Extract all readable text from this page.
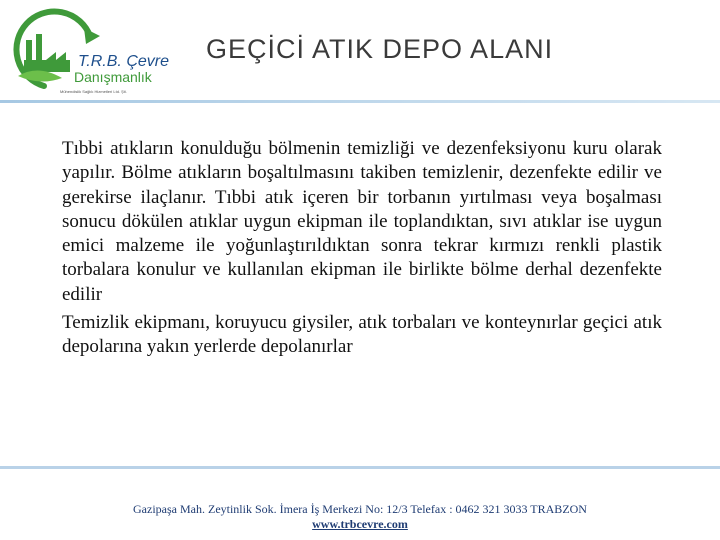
T.R.B. Çevre
Danışmanlık
Mühendislik Sağlık Hizmetleri Ltd. Şti.
GEÇİCİ ATIK DEPO ALANI

Tıbbi atıkların konulduğu bölmenin temizliği ve dezenfeksiyonu kuru olarak yapılır. Bölme atıkların boşaltılmasını takiben temizlenir, dezenfekte edilir ve gerekirse ilaçlanır. Tıbbi atık içeren bir torbanın yırtılması veya boşalması sonucu dökülen atıklar uygun ekipman ile toplandıktan, sıvı atıklar ise uygun emici malzeme ile yoğunlaştırıldıktan sonra tekrar kırmızı renkli plastik torbalara konulur ve kullanılan ekipman ile birlikte bölme derhal dezenfekte edilir

Temizlik ekipmanı, koruyucu giysiler, atık torbaları ve konteynırlar geçici atık depolarına yakın yerlerde depolanırlar

Gazipaşa Mah. Zeytinlik Sok. İmera İş Merkezi No: 12/3 Telefax : 0462 321 3033 TRABZON
www.trbcevre.com
